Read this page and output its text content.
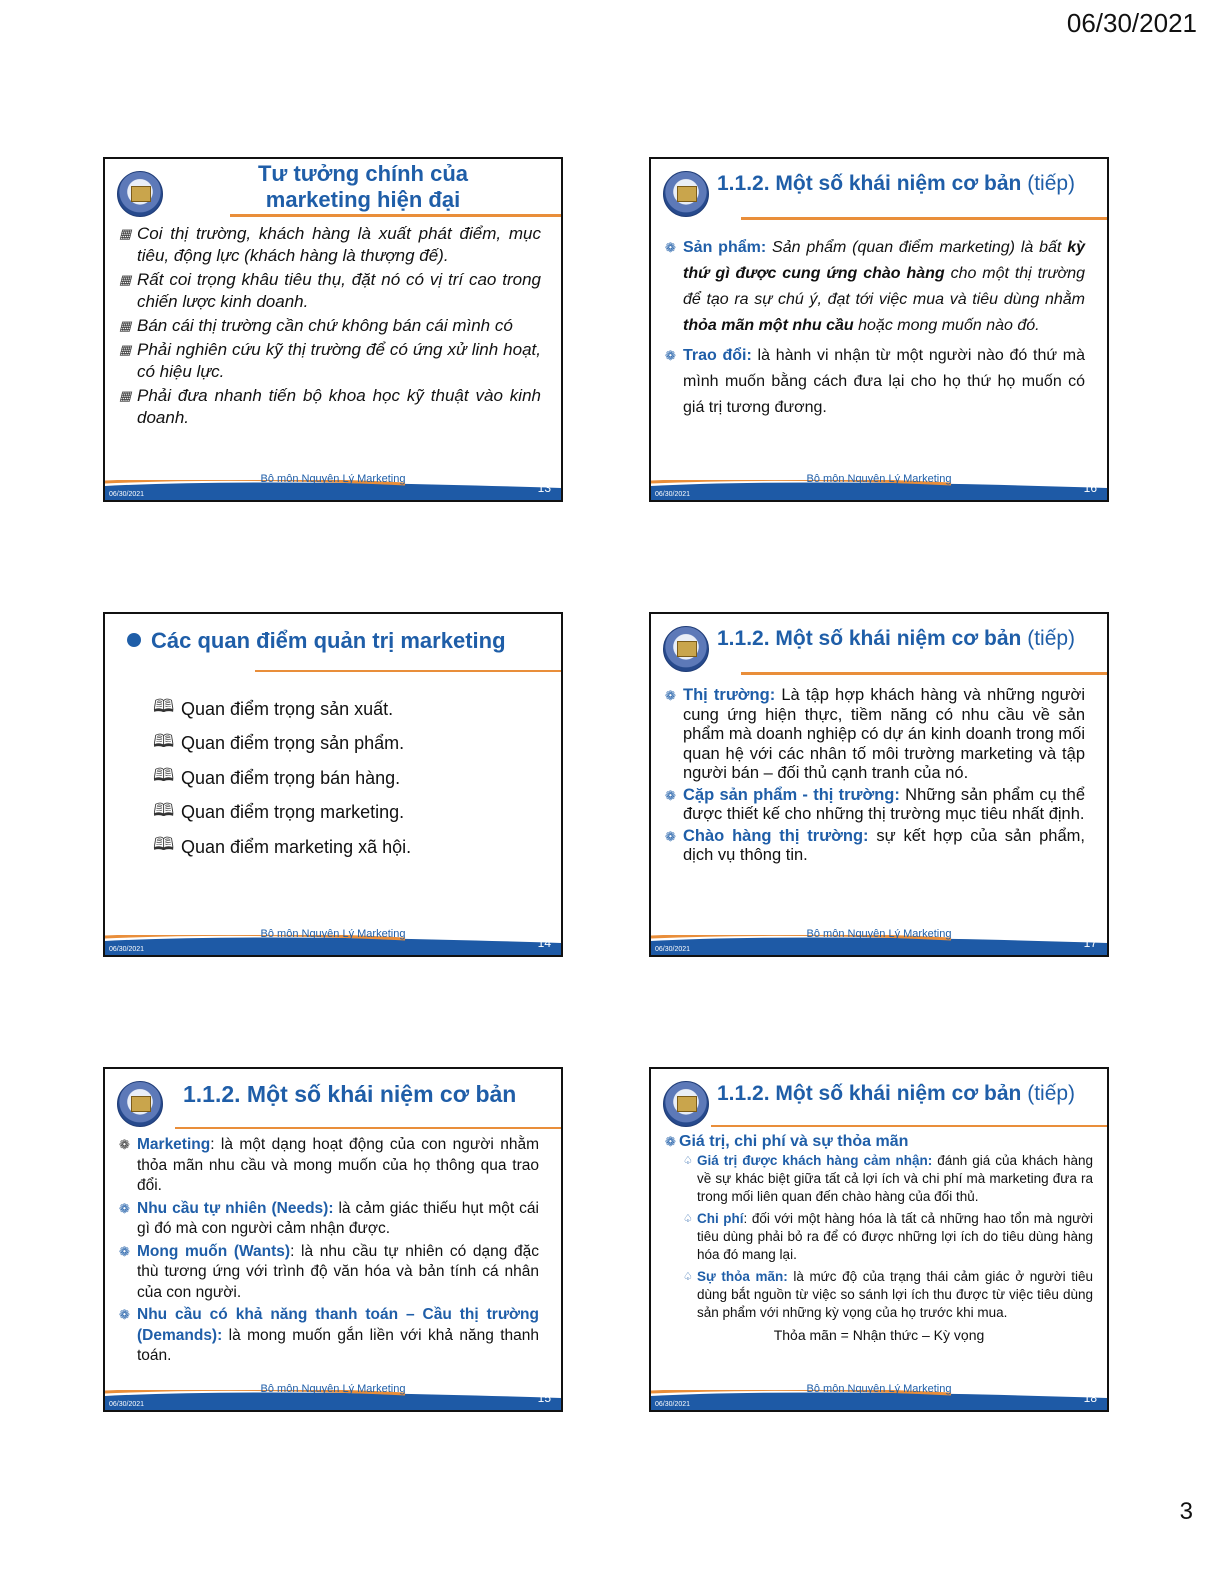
06/30/2021
Tư tưởng chính của marketing hiện đại
▦ Coi thị trường, khách hàng là xuất phát điểm, mục tiêu, động lực (khách hàng là thượng đế).
▦ Rất coi trọng khâu tiêu thụ, đặt nó có vị trí cao trong chiến lược kinh doanh.
▦ Bán cái thị trường cần chứ không bán cái mình có
▦ Phải nghiên cứu kỹ thị trường để có ứng xử linh hoạt, có hiệu lực.
▦ Phải đưa nhanh tiến bộ khoa học kỹ thuật vào kinh doanh.
Bộ môn Nguyên Lý Marketing
06/30/2021	13
1.1.2. Một số khái niệm cơ bản (tiếp)
❁ Sản phẩm: Sản phẩm (quan điểm marketing) là bất kỳ thứ gì được cung ứng chào hàng cho một thị trường để tạo ra sự chú ý, đạt tới việc mua và tiêu dùng nhằm thỏa mãn một nhu cầu hoặc mong muốn nào đó.
❁ Trao đổi: là hành vi nhận từ một người nào đó thứ mà mình muốn bằng cách đưa lại cho họ thứ họ muốn có giá trị tương đương.
Bộ môn Nguyên Lý Marketing
06/30/2021	16
Các quan điểm quản trị marketing
🕮 Quan điểm trọng sản xuất.
🕮 Quan điểm trọng sản phẩm.
🕮 Quan điểm trọng bán hàng.
🕮 Quan điểm trọng marketing.
🕮 Quan điểm marketing xã hội.
Bộ môn Nguyên Lý Marketing
06/30/2021	14
1.1.2. Một số khái niệm cơ bản (tiếp)
❁ Thị trường: Là tập hợp khách hàng và những người cung ứng hiện thực, tiềm năng có nhu cầu về sản phẩm mà doanh nghiệp có dự án kinh doanh trong mối quan hệ với các nhân tố môi trường marketing và tập người bán – đối thủ cạnh tranh của nó.
❁ Cặp sản phẩm - thị trường: Những sản phẩm cụ thể được thiết kế cho những thị trường mục tiêu nhất định.
❁ Chào hàng thị trường: sự kết hợp của sản phẩm, dịch vụ thông tin.
Bộ môn Nguyên Lý Marketing
06/30/2021	17
1.1.2. Một số khái niệm cơ bản
❁ Marketing: là một dạng hoạt động của con người nhằm thỏa mãn nhu cầu và mong muốn của họ thông qua trao đổi.
❁ Nhu cầu tự nhiên (Needs): là cảm giác thiếu hụt một cái gì đó mà con người cảm nhận được.
❁ Mong muốn (Wants): là nhu cầu tự nhiên có dạng đặc thù tương ứng với trình độ văn hóa và bản tính cá nhân của con người.
❁ Nhu cầu có khả năng thanh toán – Cầu thị trường (Demands): là mong muốn gắn liền với khả năng thanh toán.
Bộ môn Nguyên Lý Marketing
06/30/2021	15
1.1.2. Một số khái niệm cơ bản (tiếp)
❁ Giá trị, chi phí và sự thỏa mãn
♤ Giá trị được khách hàng cảm nhận: đánh giá của khách hàng về sự khác biệt giữa tất cả lợi ích và chi phí mà marketing đưa ra trong mối liên quan đến chào hàng của đối thủ.
♤ Chi phí: đối với một hàng hóa là tất cả những hao tổn mà người tiêu dùng phải bỏ ra để có được những lợi ích do tiêu dùng hàng hóa đó mang lại.
♤ Sự thỏa mãn: là mức độ của trạng thái cảm giác ở người tiêu dùng bắt nguồn từ việc so sánh lợi ích thu được từ việc tiêu dùng sản phẩm với những kỳ vọng của họ trước khi mua.
Thỏa mãn = Nhận thức – Kỳ vọng
Bộ môn Nguyên Lý Marketing
06/30/2021	18
3
